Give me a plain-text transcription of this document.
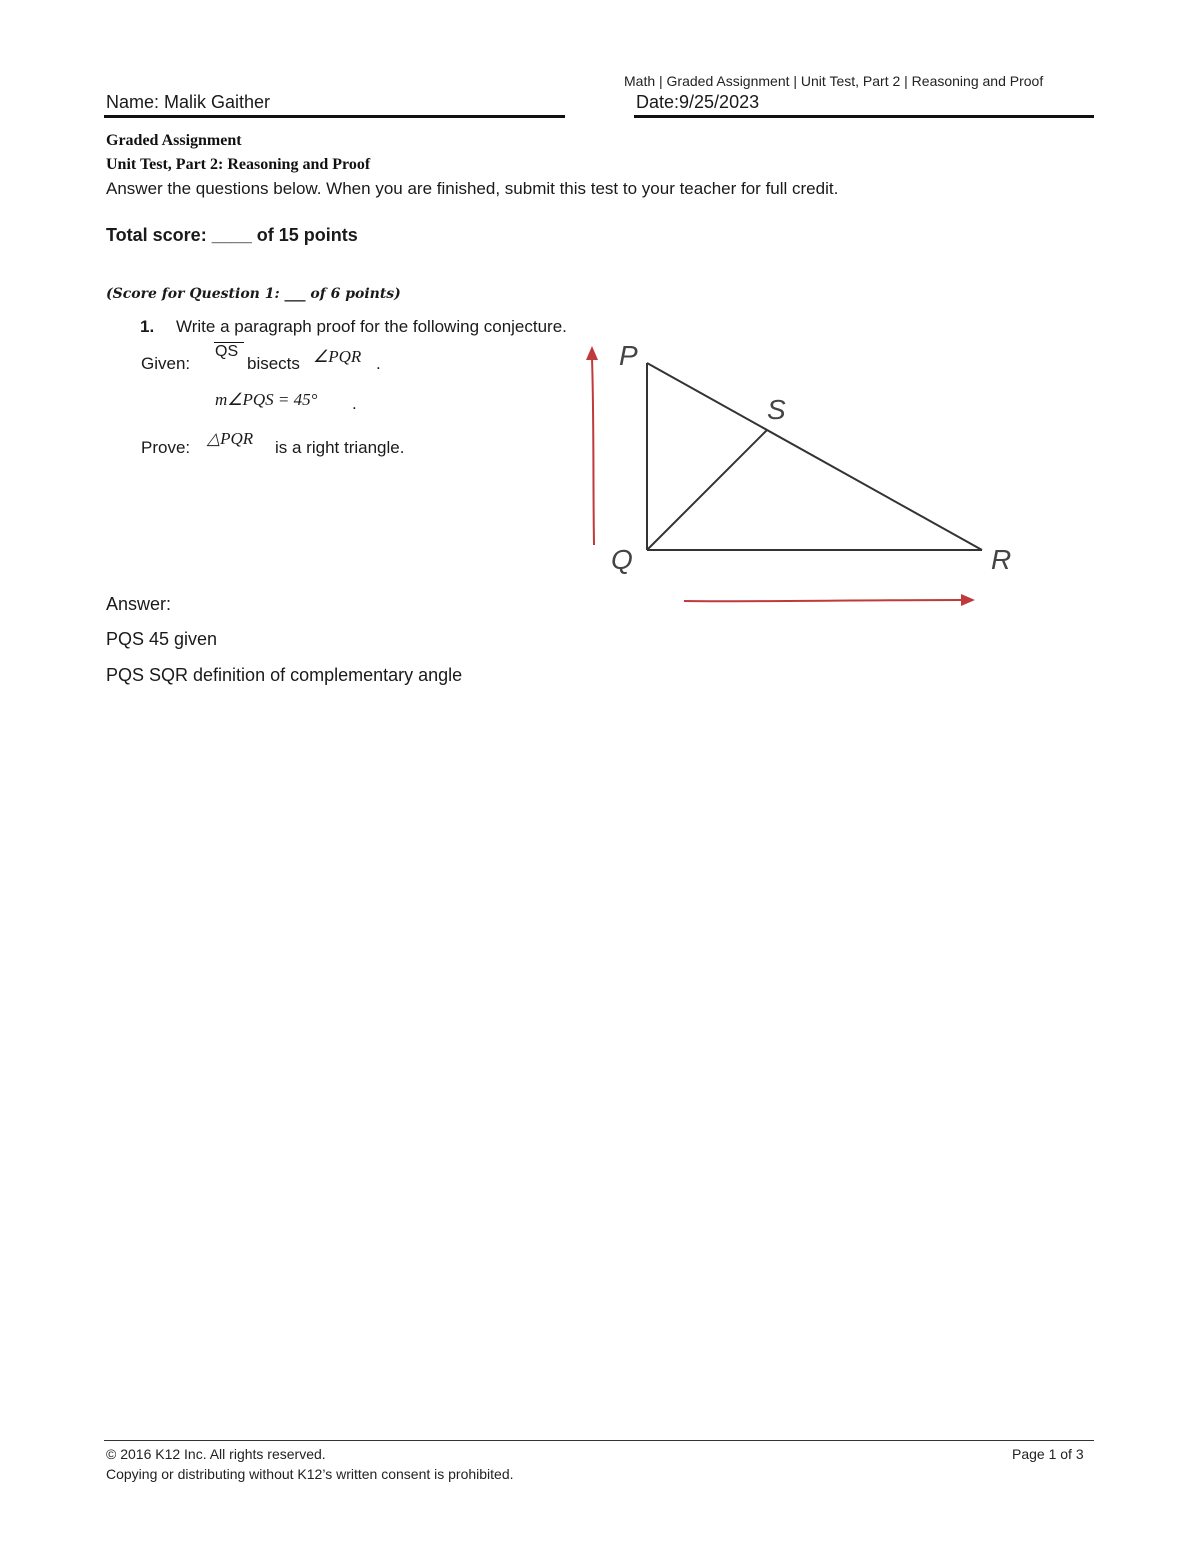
Math | Graded Assignment | Unit Test, Part 2 | Reasoning and Proof
Name: Malik Gaither	Date:9/25/2023
Graded Assignment
Unit Test, Part 2: Reasoning and Proof
Answer the questions below. When you are finished, submit this test to your teacher for full credit.
Total score: ____ of 15 points
(Score for Question 1: ___ of 6 points)
1. Write a paragraph proof for the following conjecture.
Given:
QS
bisects ∠PQR .
m∠PQS = 45° .
Prove: △PQR is a right triangle.
P
Q	R
S
Answer:
PQS 45 given
PQS SQR definition of complementary angle
© 2016 K12 Inc. All rights reserved.
Copying or distributing without K12’s written consent is prohibited.
Page 1 of 3
